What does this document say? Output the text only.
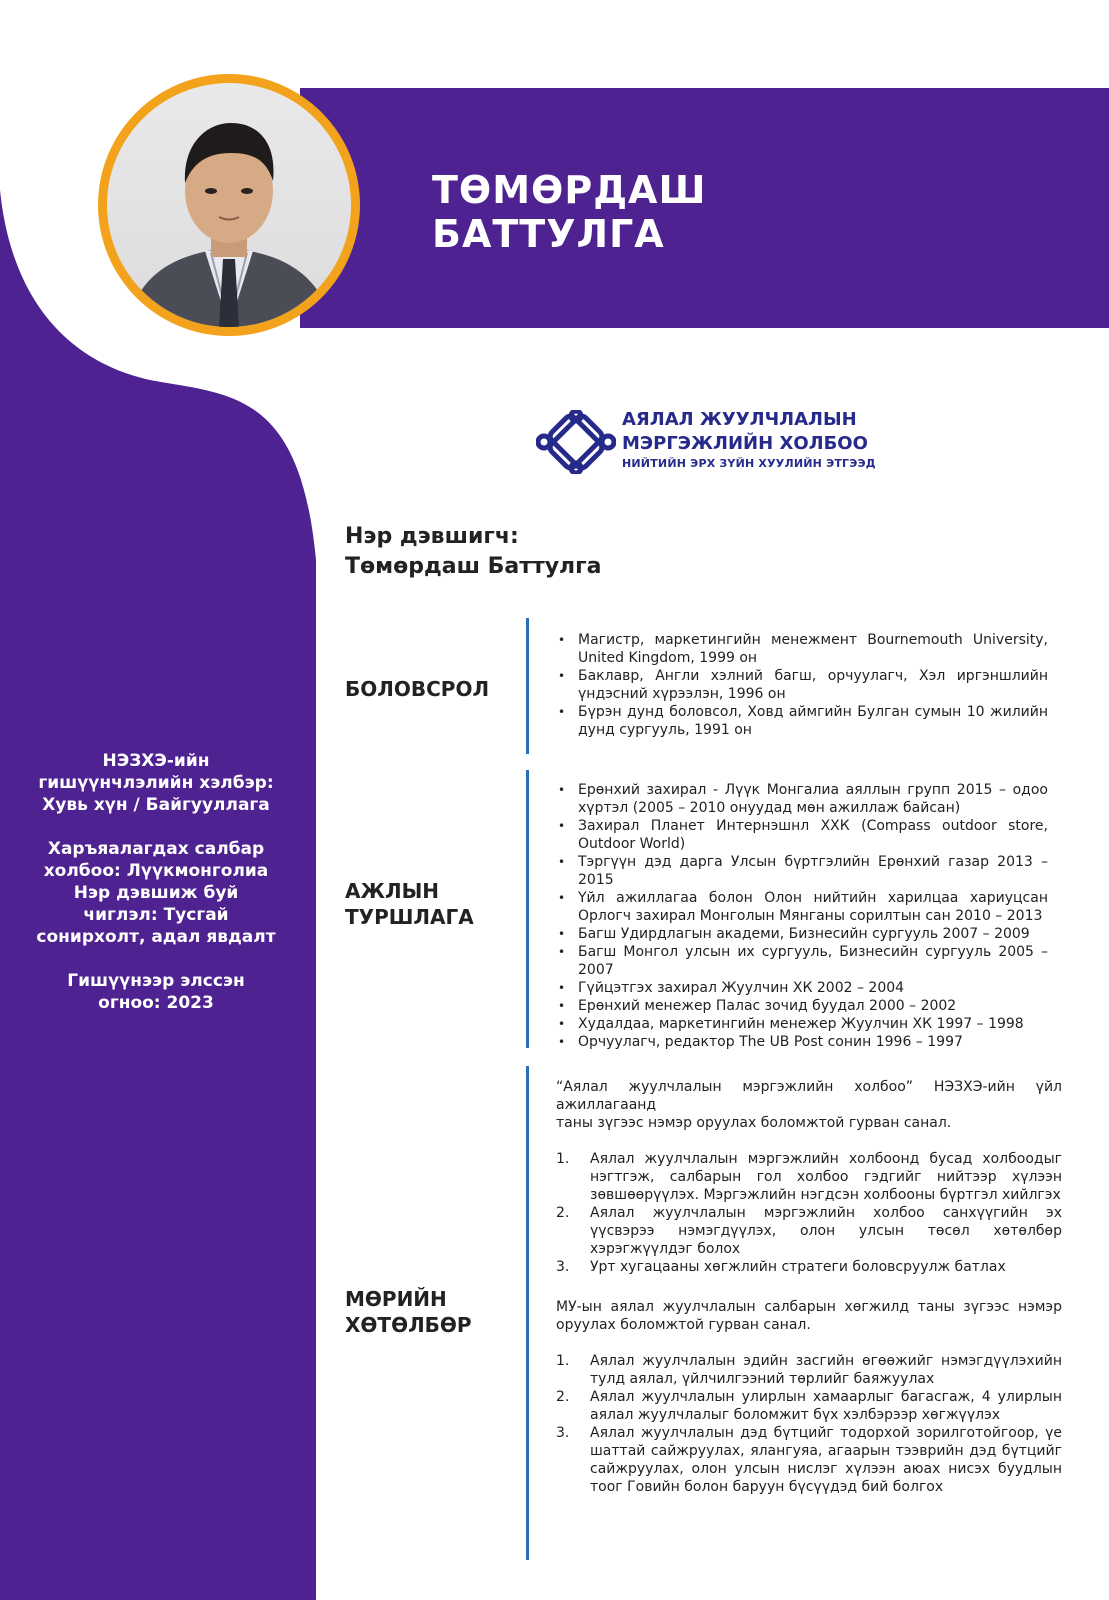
ТӨМӨРДАШ
БАТТУЛГА
АЯЛАЛ ЖУУЛЧЛАЛЫН
МЭРГЭЖЛИЙН ХОЛБОО
НИЙТИЙН ЭРХ ЗҮЙН ХУУЛИЙН ЭТГЭЭД
Нэр дэвшигч:
Төмөрдаш Баттулга

НЭЗХЭ-ийн гишүүнчлэлийн хэлбэр: Хувь хүн / Байгууллага

Харъяалагдах салбар холбоо: Лүүкмонголиа Нэр дэвшиж буй чиглэл: Тусгай сонирхолт, адал явдалт

Гишүүнээр элссэн огноо: 2023

БОЛОВСРОЛ
• Магистр, маркетингийн менежмент Bournemouth University, United Kingdom, 1999 он
• Баклавр, Англи хэлний багш, орчуулагч, Хэл иргэншлийн үндэсний хүрээлэн, 1996 он
• Бүрэн дунд боловсол, Ховд аймгийн Булган сумын 10 жилийн дунд сургууль, 1991 он
АЖЛЫН
ТУРШЛАГА
• Ерөнхий захирал - Лүүк Монгалиа аяллын групп 2015 – одоо хүртэл (2005 – 2010 онуудад мөн ажиллаж байсан)
• Захирал Планет Интернэшнл ХХК (Compass outdoor store, Outdoor World)
• Тэргүүн дэд дарга Улсын бүртгэлийн Ерөнхий газар 2013 – 2015
• Үйл ажиллагаа болон Олон нийтийн харилцаа хариуцсан Орлогч захирал Монголын Мянганы сорилтын сан 2010 – 2013
• Багш Удирдлагын академи, Бизнесийн сургууль 2007 – 2009
• Багш Монгол улсын их сургууль, Бизнесийн сургууль 2005 – 2007
• Гүйцэтгэх захирал Жуулчин ХК 2002 – 2004
• Ерөнхий менежер Палас зочид буудал 2000 – 2002
• Худалдаа, маркетингийн менежер Жуулчин ХК 1997 – 1998
• Орчуулагч, редактор The UB Post сонин 1996 – 1997
МӨРИЙН
ХӨТӨЛБӨР

“Аялал жуулчлалын мэргэжлийн холбоо” НЭЗХЭ-ийн үйл ажиллагаанд

таны зүгээс нэмэр оруулах боломжтой гурван санал.

1. Аялал жуулчлалын мэргэжлийн холбоонд бусад холбоодыг нэгтгэж, салбарын гол холбоо гэдгийг нийтээр хүлээн зөвшөөрүүлэх. Мэргэжлийн нэгдсэн холбооны бүртгэл хийлгэх
2. Аялал жуулчлалын мэргэжлийн холбоо санхүүгийн эх үүсвэрээ нэмэгдүүлэх, олон улсын төсөл хөтөлбөр хэрэгжүүлдэг болох
3. Урт хугацааны хөгжлийн стратеги боловсруулж батлах

МУ-ын аялал жуулчлалын салбарын хөгжилд таны зүгээс нэмэр оруулах боломжтой гурван санал.

1. Аялал жуулчлалын эдийн засгийн өгөөжийг нэмэгдүүлэхийн тулд аялал, үйлчилгээний төрлийг баяжуулах
2. Аялал жуулчлалын улирлын хамаарлыг багасгаж, 4 улирлын аялал жуулчлалыг боломжит бүх хэлбэрээр хөгжүүлэх
3. Аялал жуулчлалын дэд бүтцийг тодорхой зорилготойгоор, үе шаттай сайжруулах, ялангуяа, агаарын тээврийн дэд бүтцийг сайжруулах, олон улсын нислэг хүлээн аюах нисэх буудлын тоог Говийн болон баруун бүсүүдэд бий болгох
